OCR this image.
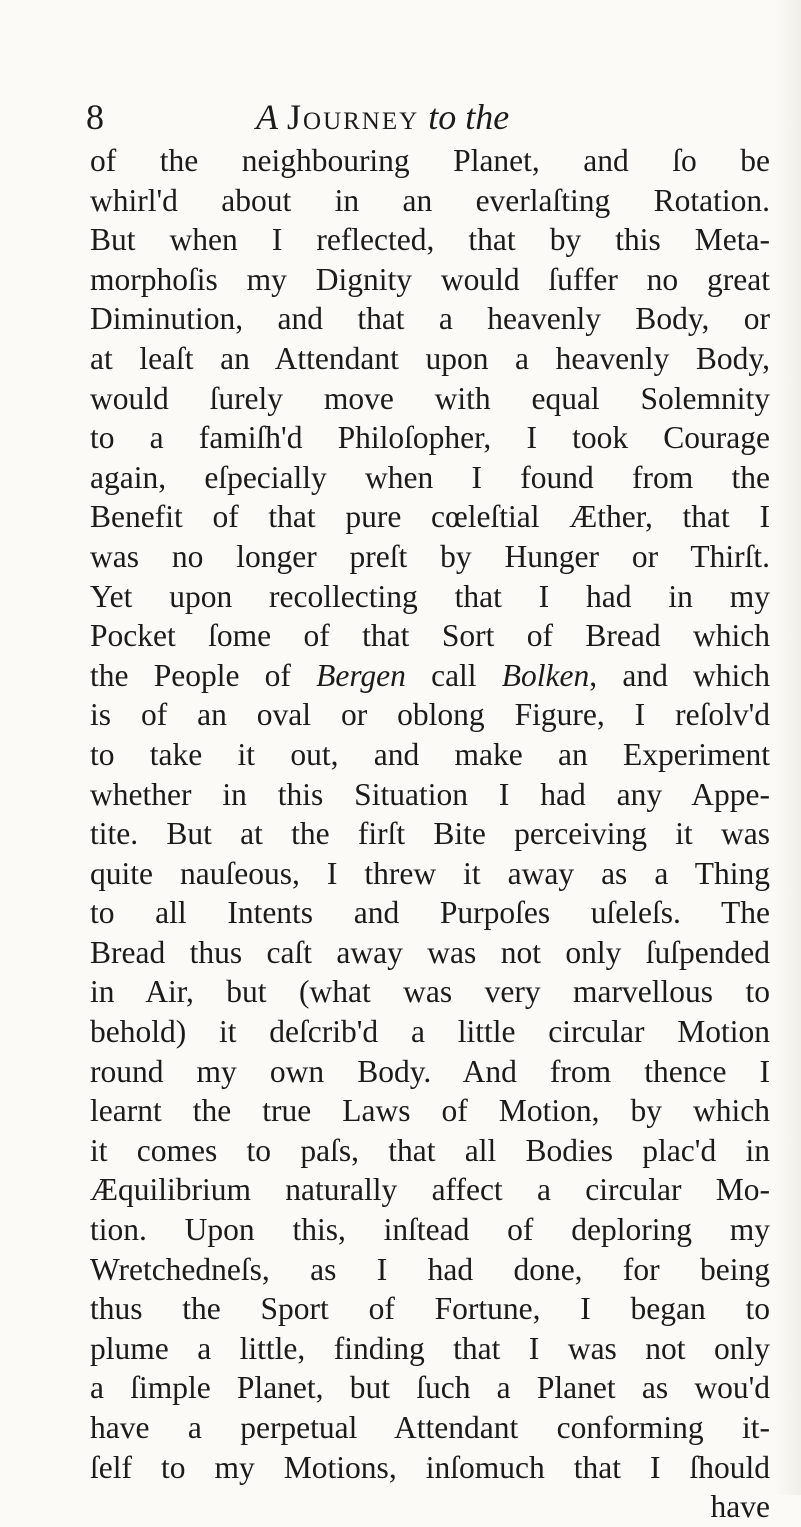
8	A Journey to the
of the neighbouring Planet, and ſo be
whirl'd about in an everlaſting Rotation.
But when I reflected, that by this Meta-
morphoſis my Dignity would ſuffer no great
Diminution, and that a heavenly Body, or
at leaſt an Attendant upon a heavenly Body,
would ſurely move with equal Solemnity
to a famiſh'd Philoſopher, I took Courage
again, eſpecially when I found from the
Benefit of that pure cœleſtial Æther, that I
was no longer preſt by Hunger or Thirſt.
Yet upon recollecting that I had in my
Pocket ſome of that Sort of Bread which
the People of Bergen call Bolken, and which
is of an oval or oblong Figure, I reſolv'd
to take it out, and make an Experiment
whether in this Situation I had any Appe-
tite. But at the firſt Bite perceiving it was
quite nauſeous, I threw it away as a Thing
to all Intents and Purpoſes uſeleſs. The
Bread thus caſt away was not only ſuſpended
in Air, but (what was very marvellous to
behold) it deſcrib'd a little circular Motion
round my own Body. And from thence I
learnt the true Laws of Motion, by which
it comes to paſs, that all Bodies plac'd in
Æquilibrium naturally affect a circular Mo-
tion. Upon this, inſtead of deploring my
Wretchedneſs, as I had done, for being
thus the Sport of Fortune, I began to
plume a little, finding that I was not only
a ſimple Planet, but ſuch a Planet as wou'd
have a perpetual Attendant conforming it-
ſelf to my Motions, inſomuch that I ſhould
have
